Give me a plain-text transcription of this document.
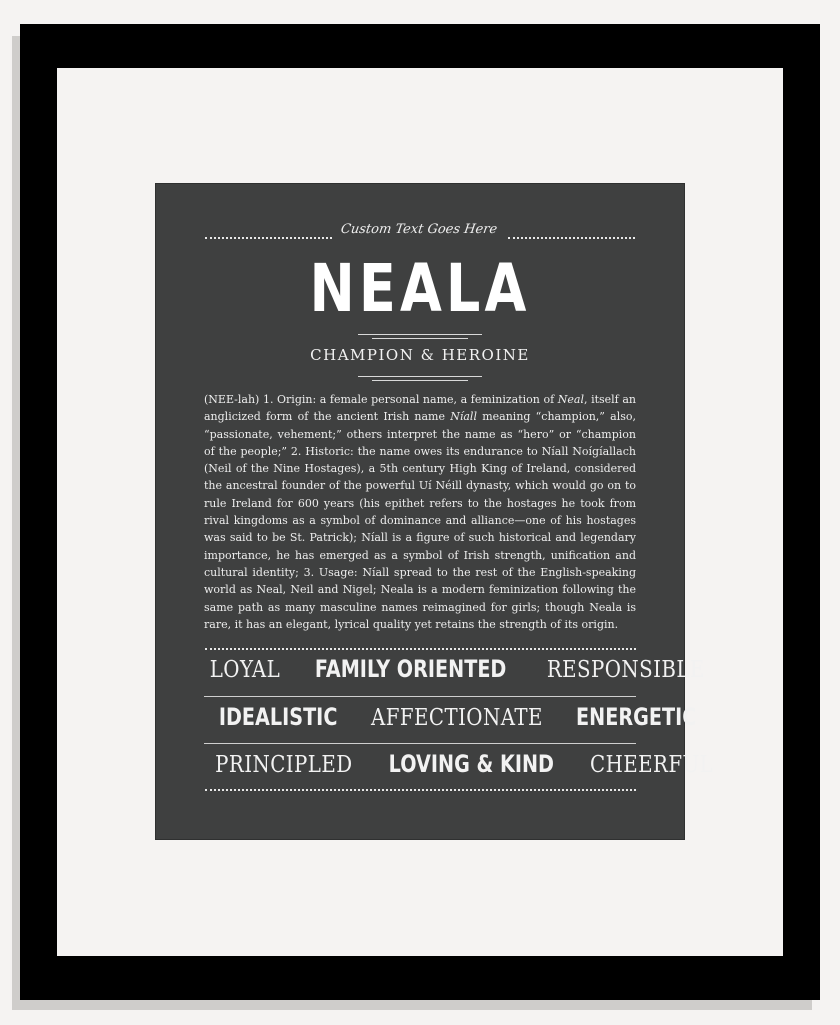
Custom Text Goes Here
NEALA
CHAMPION & HEROINE

(NEE-lah) 1. Origin: a female personal name, a feminization of Neal, itself an anglicized form of the ancient Irish name Níall meaning “champion,” also, “passionate, vehement;” others interpret the name as “hero” or “champion of the people;” 2. Historic: the name owes its endurance to Níall Noígíallach (Neil of the Nine Hostages), a 5th century High King of Ireland, considered the ancestral founder of the powerful Uí Néill dynasty, which would go on to rule Ireland for 600 years (his epithet refers to the hostages he took from rival kingdoms as a symbol of dominance and alliance—one of his hostages was said to be St. Patrick); Níall is a figure of such historical and legendary importance, he has emerged as a symbol of Irish strength, unification and cultural identity; 3. Usage: Níall spread to the rest of the English-speaking world as Neal, Neil and Nigel; Neala is a modern feminization following the same path as many masculine names reimagined for girls; though Neala is rare, it has an elegant, lyrical quality yet retains the strength of its origin.

LOYAL FAMILY ORIENTED RESPONSIBLE
IDEALISTIC AFFECTIONATE ENERGETIC
PRINCIPLED LOVING & KIND CHEERFUL
